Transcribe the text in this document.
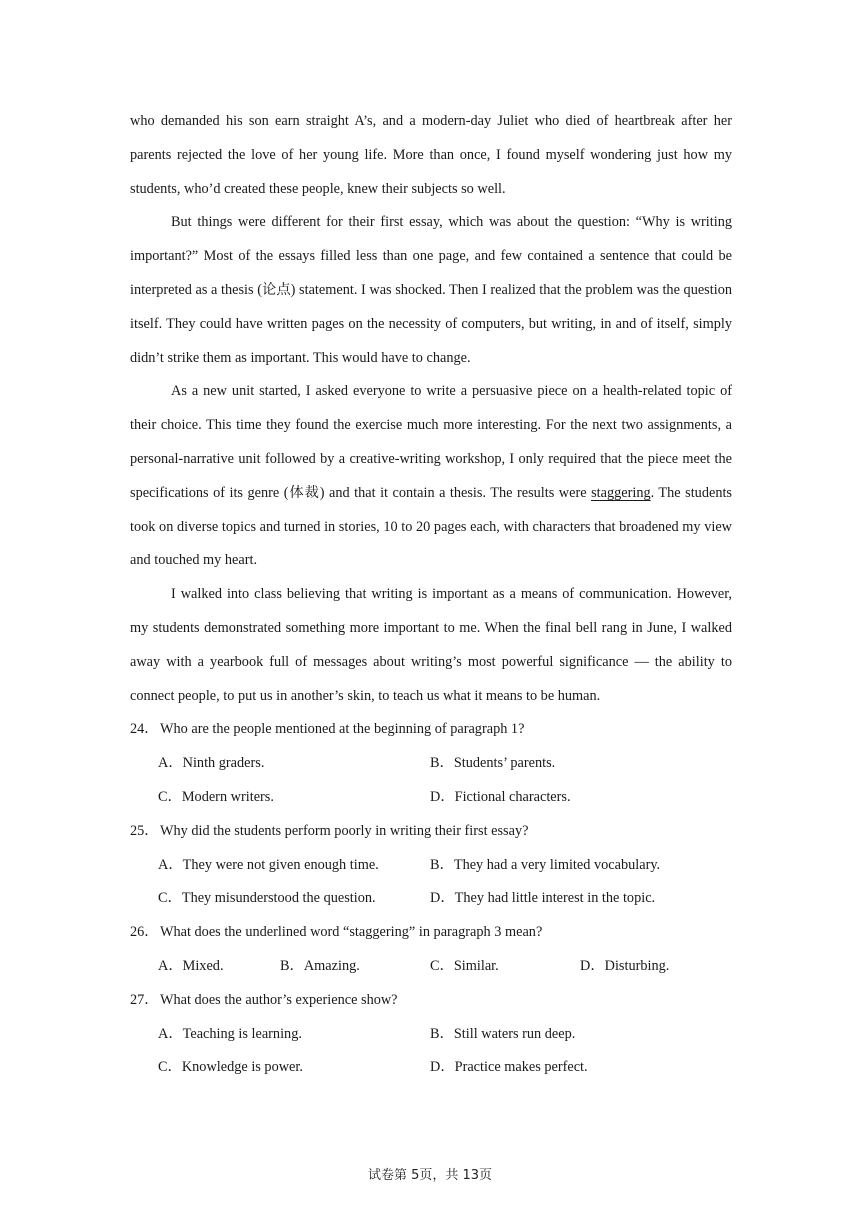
who demanded his son earn straight A’s, and a modern-day Juliet who died of heartbreak after her parents rejected the love of her young life. More than once, I found myself wondering just how my students, who’d created these people, knew their subjects so well.

But things were different for their first essay, which was about the question: “Why is writing important?” Most of the essays filled less than one page, and few contained a sentence that could be interpreted as a thesis (论点) statement. I was shocked. Then I realized that the problem was the question itself. They could have written pages on the necessity of computers, but writing, in and of itself, simply didn’t strike them as important. This would have to change.

As a new unit started, I asked everyone to write a persuasive piece on a health-related topic of their choice. This time they found the exercise much more interesting. For the next two assignments, a personal-narrative unit followed by a creative-writing workshop, I only required that the piece meet the specifications of its genre (体裁) and that it contain a thesis. The results were staggering. The students took on diverse topics and turned in stories, 10 to 20 pages each, with characters that broadened my view and touched my heart.

I walked into class believing that writing is important as a means of communication. However, my students demonstrated something more important to me. When the final bell rang in June, I walked away with a yearbook full of messages about writing’s most powerful significance — the ability to connect people, to put us in another’s skin, to teach us what it means to be human.

24．Who are the people mentioned at the beginning of paragraph 1?

A．Ninth graders.	B．Students’ parents.
C．Modern writers.	D．Fictional characters.

25．Why did the students perform poorly in writing their first essay?

A．They were not given enough time.	B．They had a very limited vocabulary.
C．They misunderstood the question.	D．They had little interest in the topic.

26．What does the underlined word “staggering” in paragraph 3 mean?

A．Mixed.	B．Amazing.	C．Similar.	D．Disturbing.

27．What does the author’s experience show?

A．Teaching is learning.	B．Still waters run deep.
C．Knowledge is power.	D．Practice makes perfect.
试卷第 5页，共 13页
